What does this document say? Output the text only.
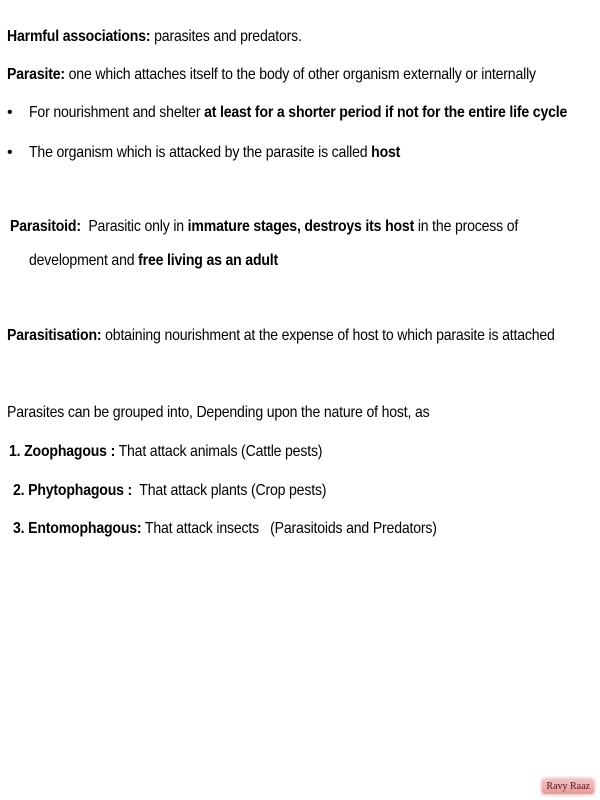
Harmful associations: parasites and predators.
Parasite: one which attaches itself to the body of other organism externally or internally
• For nourishment and shelter at least for a shorter period if not for the entire life cycle
• The organism which is attacked by the parasite is called host
Parasitoid: Parasitic only in immature stages, destroys its host in the process of
development and free living as an adult
Parasitisation: obtaining nourishment at the expense of host to which parasite is attached
Parasites can be grouped into, Depending upon the nature of host, as
1. Zoophagous : That attack animals (Cattle pests)
2. Phytophagous : That attack plants (Crop pests)
3. Entomophagous: That attack insects   (Parasitoids and Predators)
Ravy Raaz
